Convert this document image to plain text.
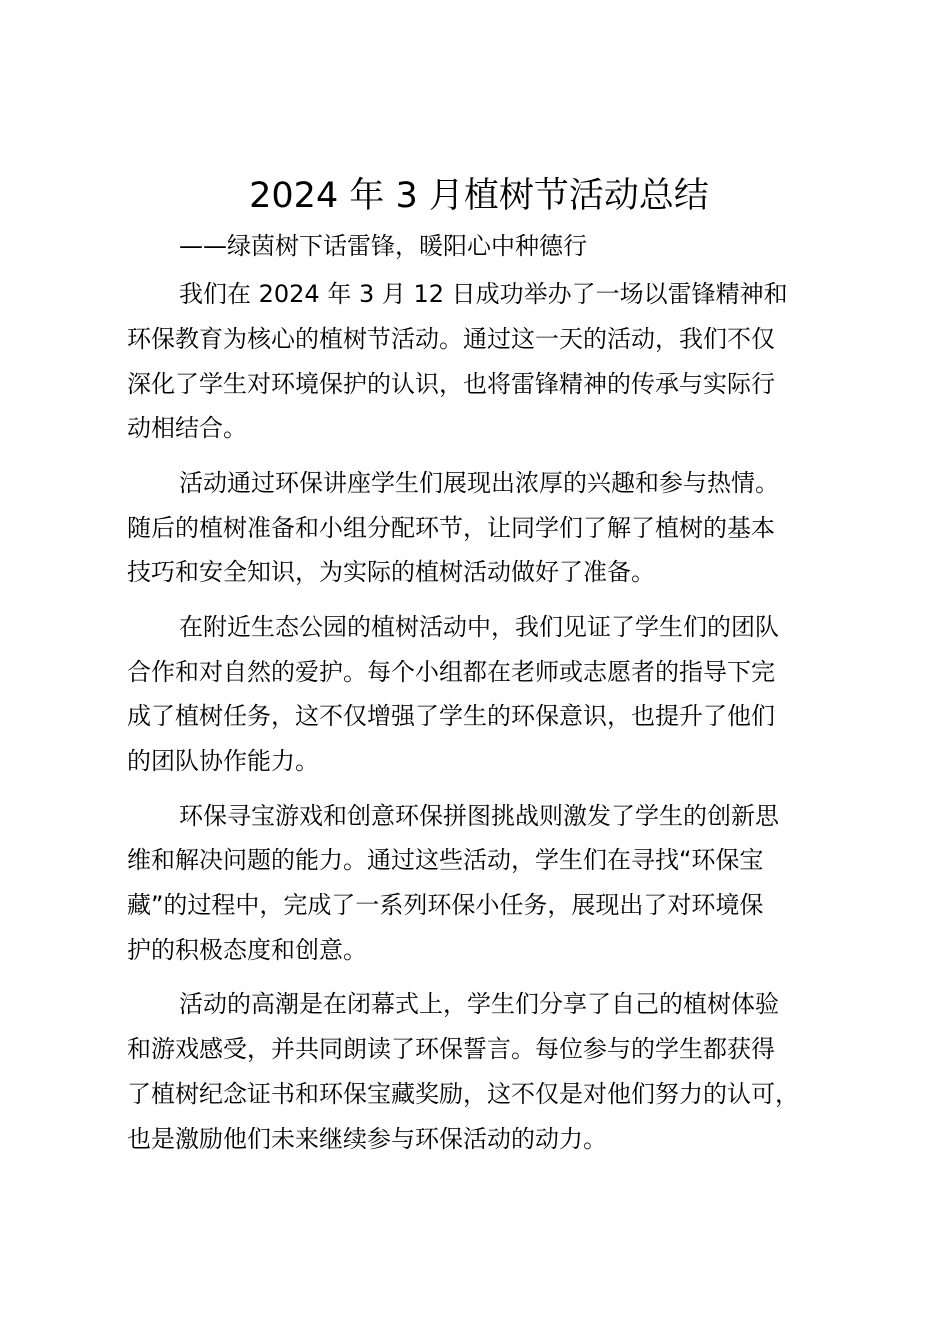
2024 年 3 月植树节活动总结

——绿茵树下话雷锋，暖阳心中种德行

我们在 2024 年 3 月 12 日成功举办了一场以雷锋精神和
环保教育为核心的植树节活动。通过这一天的活动，我们不仅
深化了学生对环境保护的认识，也将雷锋精神的传承与实际行
动相结合。

活动通过环保讲座学生们展现出浓厚的兴趣和参与热情。
随后的植树准备和小组分配环节，让同学们了解了植树的基本
技巧和安全知识，为实际的植树活动做好了准备。

在附近生态公园的植树活动中，我们见证了学生们的团队
合作和对自然的爱护。每个小组都在老师或志愿者的指导下完
成了植树任务，这不仅增强了学生的环保意识，也提升了他们
的团队协作能力。

环保寻宝游戏和创意环保拼图挑战则激发了学生的创新思
维和解决问题的能力。通过这些活动，学生们在寻找“环保宝
藏”的过程中，完成了一系列环保小任务，展现出了对环境保
护的积极态度和创意。

活动的高潮是在闭幕式上，学生们分享了自己的植树体验
和游戏感受，并共同朗读了环保誓言。每位参与的学生都获得
了植树纪念证书和环保宝藏奖励，这不仅是对他们努力的认可，
也是激励他们未来继续参与环保活动的动力。
